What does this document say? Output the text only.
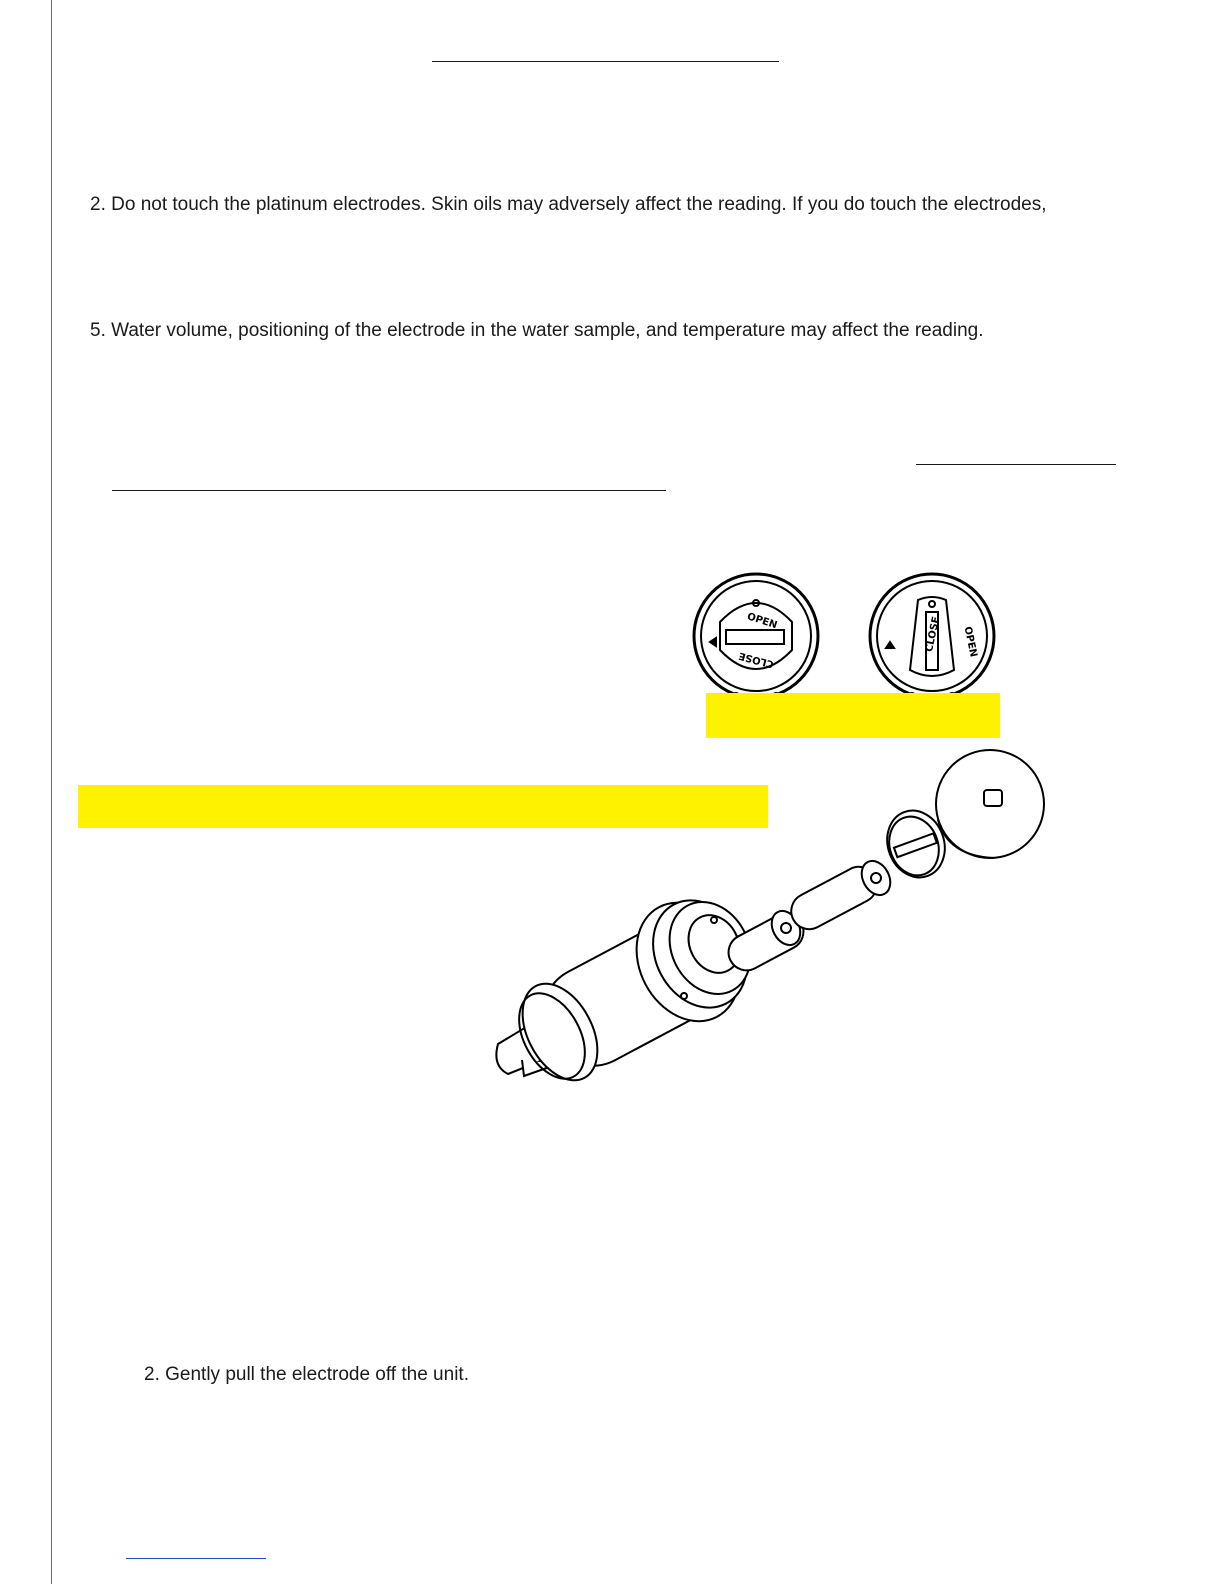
2. Do not touch the platinum electrodes. Skin oils may adversely affect the reading. If you do touch the electrodes,
5. Water volume, positioning of the electrode in the water sample, and temperature may affect the reading.
OPEN
CLOSE
CLOSE OPEN
2. Gently pull the electrode off the unit.
